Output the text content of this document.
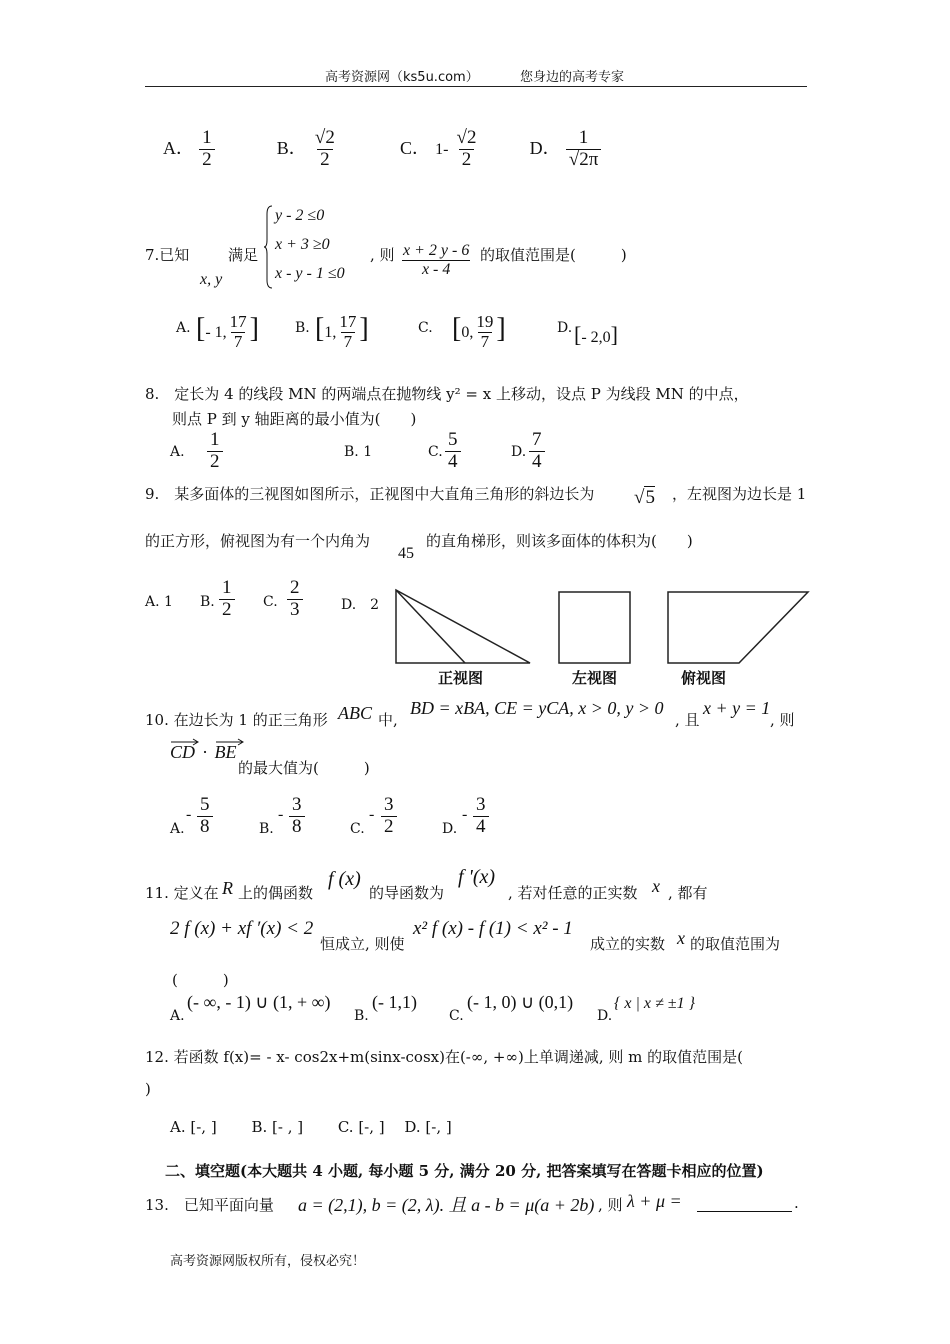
高考资源网（ks5u.com）	您身边的高考专家
A． $\frac{1}{2}$	B． $\frac{√2}{2}$	C． $1- \frac{√2}{2}$	D． $\frac{1}{√2\pi}$
7.已知
x, y
满足
y - 2 ≤0
x + 3 ≥0
x - y - 1 ≤0
, 则 $\frac{x + 2 y - 6}{x - 4}$ 的取值范围是(　　　)
A. [- 1, $\frac{17}{7}$ ]	B. [1, $\frac{17}{7}$ ]	C. [0, $\frac{19}{7}$ ]	D. [- 2,0]
8.　定长为 4 的线段 MN 的两端点在抛物线 y² = x 上移动，设点 P 为线段 MN 的中点，
则点 P 到 y 轴距离的最小值为(　　)
A. $\frac{1}{2}$	B. 1	C. $\frac{5}{4}$	D. $\frac{7}{4}$
9.　某多面体的三视图如图所示，正视图中大直角三角形的斜边长为 √5 ，左视图为边长是 1
的正方形，俯视图为有一个内角为
45
的直角梯形，则该多面体的体积为(　　)
A. 1 B. $\frac{1}{2} C$. $\frac{2}{3}$	D.　2
正视图	左视图	俯视图
10. 在边长为 1 的正三角形 ABC 中,
BD = xBA, CE = yCA, x > 0, y > 0
, 且
x + y = 1
, 则
CD · BE
的最大值为(　　　)
A.
- $\frac{5}{8}$	B.
- $\frac{3}{8}$	C.
- $\frac{3}{2}$	D.
- $\frac{3}{4}$
11. 定义在 R 上的偶函数
f (x)
的导函数为
f '(x)
, 若对任意的正实数 x , 都有
2 f (x) + xf ′(x) < 2
恒成立, 则使
x² f (x) - f (1) < x² - 1
成立的实数 x 的取值范围为
(　　　)
A.
(- ∞, - 1) ∪ (1, + ∞)
B.
(- 1,1)
C.
(- 1, 0) ∪ (0,1)
D.
{ x | x ≠ ±1 }
12. 若函数 f(x)= - x- cos2x+m(sinx-cosx)在(-∞, +∞)上单调递减, 则 m 的取值范围是(
)
A. [-, ]　　 B. [- , ]　　 C. [-, ]　 D. [-, ]
二、填空题(本大题共 4 小题, 每小题 5 分, 满分 20 分, 把答案填写在答题卡相应的位置)
13.　已知平面向量 a = (2,1), b = (2, λ). 且 a - b = μ(a + 2b) , 则 λ + μ =
	.
高考资源网版权所有，侵权必究！
